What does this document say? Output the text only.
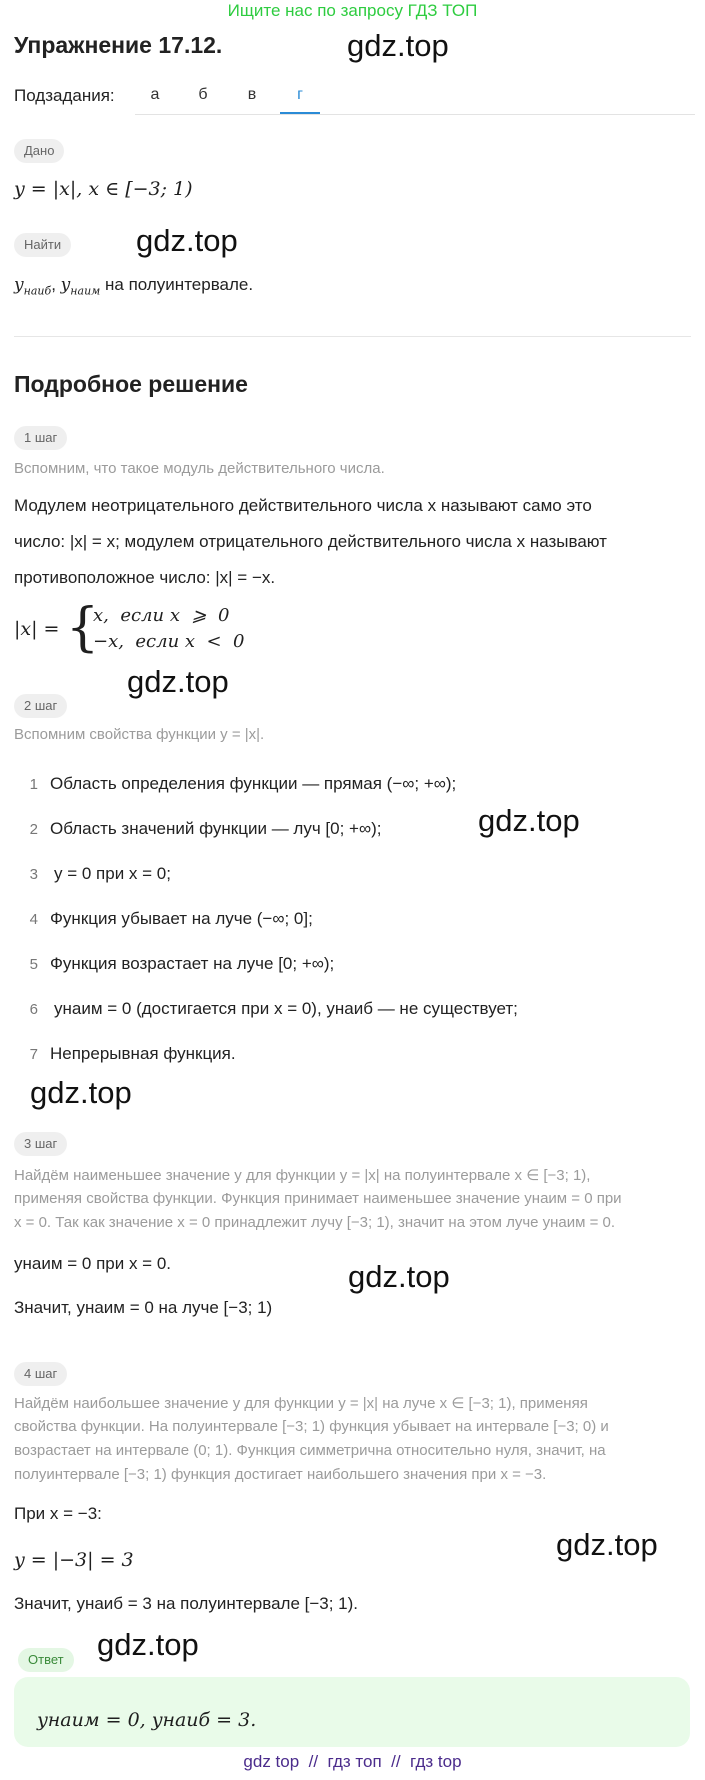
Ищите нас по запросу ГДЗ ТОП
Упражнение 17.12.	gdz.top
Подзадания:	а	б	в	г
Дано
y = |x|, x ∈ [−3; 1)
Найти	gdz.top
$y_{наиб}$, $y_{наим}$ на полуинтервале.
Подробное решение
1 шаг
Вспомним, что такое модуль действительного числа.
Модулем неотрицательного действительного числа x называют само это
число: |x| = x; модулем отрицательного действительного числа x называют
противоположное число: |x| = −x.
|x| = {
x,  если x  ⩾  0
−x,  если x  <  0
gdz.top
2 шаг
Вспомним свойства функции y = |x|.
1 Область определения функции — прямая (−∞; +∞);
2 Область значений функции — луч [0; +∞);	gdz.top
3 y = 0 при x = 0;
4 Функция убывает на луче (−∞; 0];
5 Функция возрастает на луче [0; +∞);
6 yнаим = 0 (достигается при x = 0), yнаиб — не существует;
7 Непрерывная функция.
gdz.top
3 шаг
Найдём наименьшее значение y для функции y = |x| на полуинтервале x ∈ [−3; 1),
применяя свойства функции. Функция принимает наименьшее значение yнаим = 0 при
x = 0. Так как значение x = 0 принадлежит лучу [−3; 1), значит на этом луче yнаим = 0.
yнаим = 0 при x = 0.	gdz.top
Значит, yнаим = 0 на луче [−3; 1)
4 шаг
Найдём наибольшее значение y для функции y = |x| на луче x ∈ [−3; 1), применяя
свойства функции. На полуинтервале [−3; 1) функция убывает на интервале [−3; 0) и
возрастает на интервале (0; 1). Функция симметрична относительно нуля, значит, на
полуинтервале [−3; 1) функция достигает наибольшего значения при x = −3.
При x = −3:
gdz.top
y = |−3| = 3
Значит, yнаиб = 3 на полуинтервале [−3; 1).
gdz.top
Ответ
yнаим = 0, yнаиб = 3.
gdz top // гдз топ // гдз top
